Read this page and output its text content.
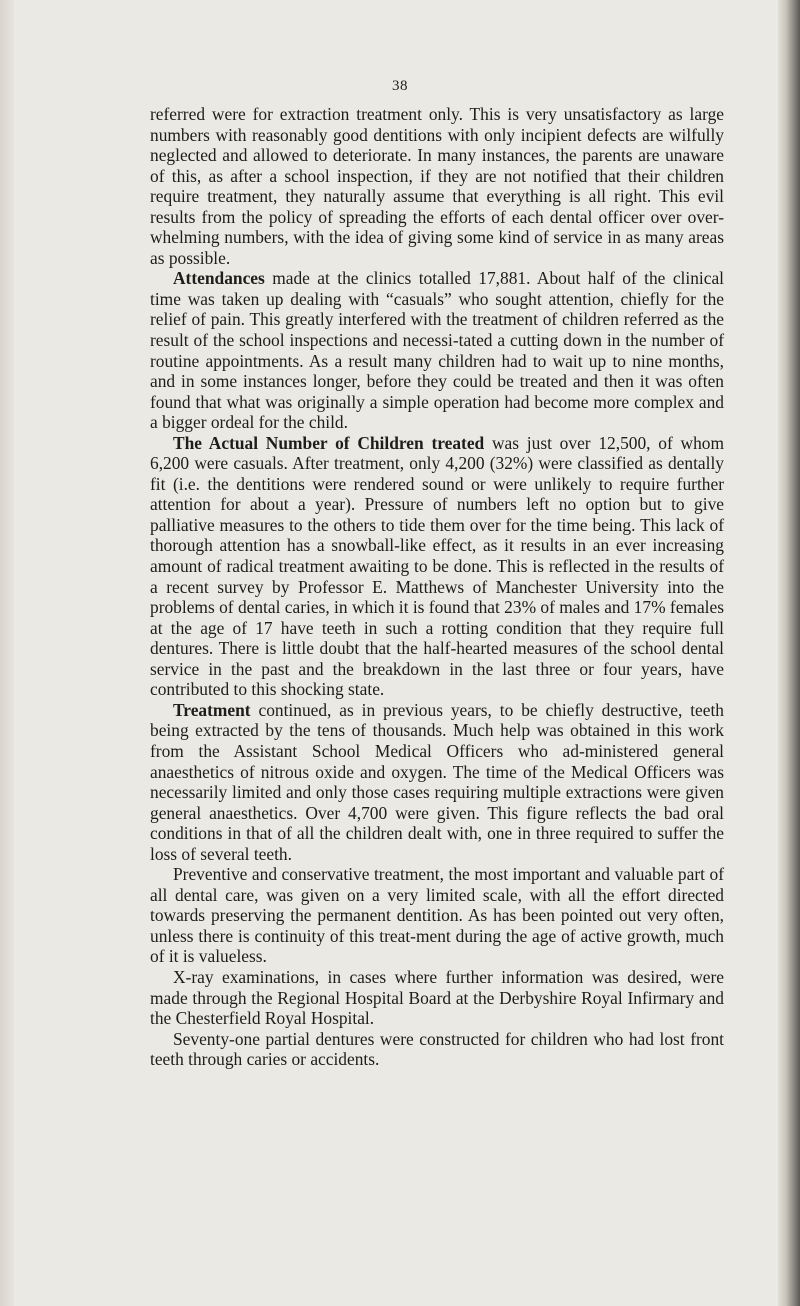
38

referred were for extraction treatment only. This is very unsatisfactory as large numbers with reasonably good dentitions with only incipient defects are wilfully neglected and allowed to deteriorate. In many instances, the parents are unaware of this, as after a school inspection, if they are not notified that their children require treatment, they naturally assume that everything is all right. This evil results from the policy of spreading the efforts of each dental officer over over-whelming numbers, with the idea of giving some kind of service in as many areas as possible.

Attendances made at the clinics totalled 17,881. About half of the clinical time was taken up dealing with “casuals” who sought attention, chiefly for the relief of pain. This greatly interfered with the treatment of children referred as the result of the school inspections and necessi-tated a cutting down in the number of routine appointments. As a result many children had to wait up to nine months, and in some instances longer, before they could be treated and then it was often found that what was originally a simple operation had become more complex and a bigger ordeal for the child.

The Actual Number of Children treated was just over 12,500, of whom 6,200 were casuals. After treatment, only 4,200 (32%) were classified as dentally fit (i.e. the dentitions were rendered sound or were unlikely to require further attention for about a year). Pressure of numbers left no option but to give palliative measures to the others to tide them over for the time being. This lack of thorough attention has a snowball-like effect, as it results in an ever increasing amount of radical treatment awaiting to be done. This is reflected in the results of a recent survey by Professor E. Matthews of Manchester University into the problems of dental caries, in which it is found that 23% of males and 17% females at the age of 17 have teeth in such a rotting condition that they require full dentures. There is little doubt that the half-hearted measures of the school dental service in the past and the breakdown in the last three or four years, have contributed to this shocking state.

Treatment continued, as in previous years, to be chiefly destructive, teeth being extracted by the tens of thousands. Much help was obtained in this work from the Assistant School Medical Officers who ad-ministered general anaesthetics of nitrous oxide and oxygen. The time of the Medical Officers was necessarily limited and only those cases requiring multiple extractions were given general anaesthetics. Over 4,700 were given. This figure reflects the bad oral conditions in that of all the children dealt with, one in three required to suffer the loss of several teeth.

Preventive and conservative treatment, the most important and valuable part of all dental care, was given on a very limited scale, with all the effort directed towards preserving the permanent dentition. As has been pointed out very often, unless there is continuity of this treat-ment during the age of active growth, much of it is valueless.

X-ray examinations, in cases where further information was desired, were made through the Regional Hospital Board at the Derbyshire Royal Infirmary and the Chesterfield Royal Hospital.

Seventy-one partial dentures were constructed for children who had lost front teeth through caries or accidents.
